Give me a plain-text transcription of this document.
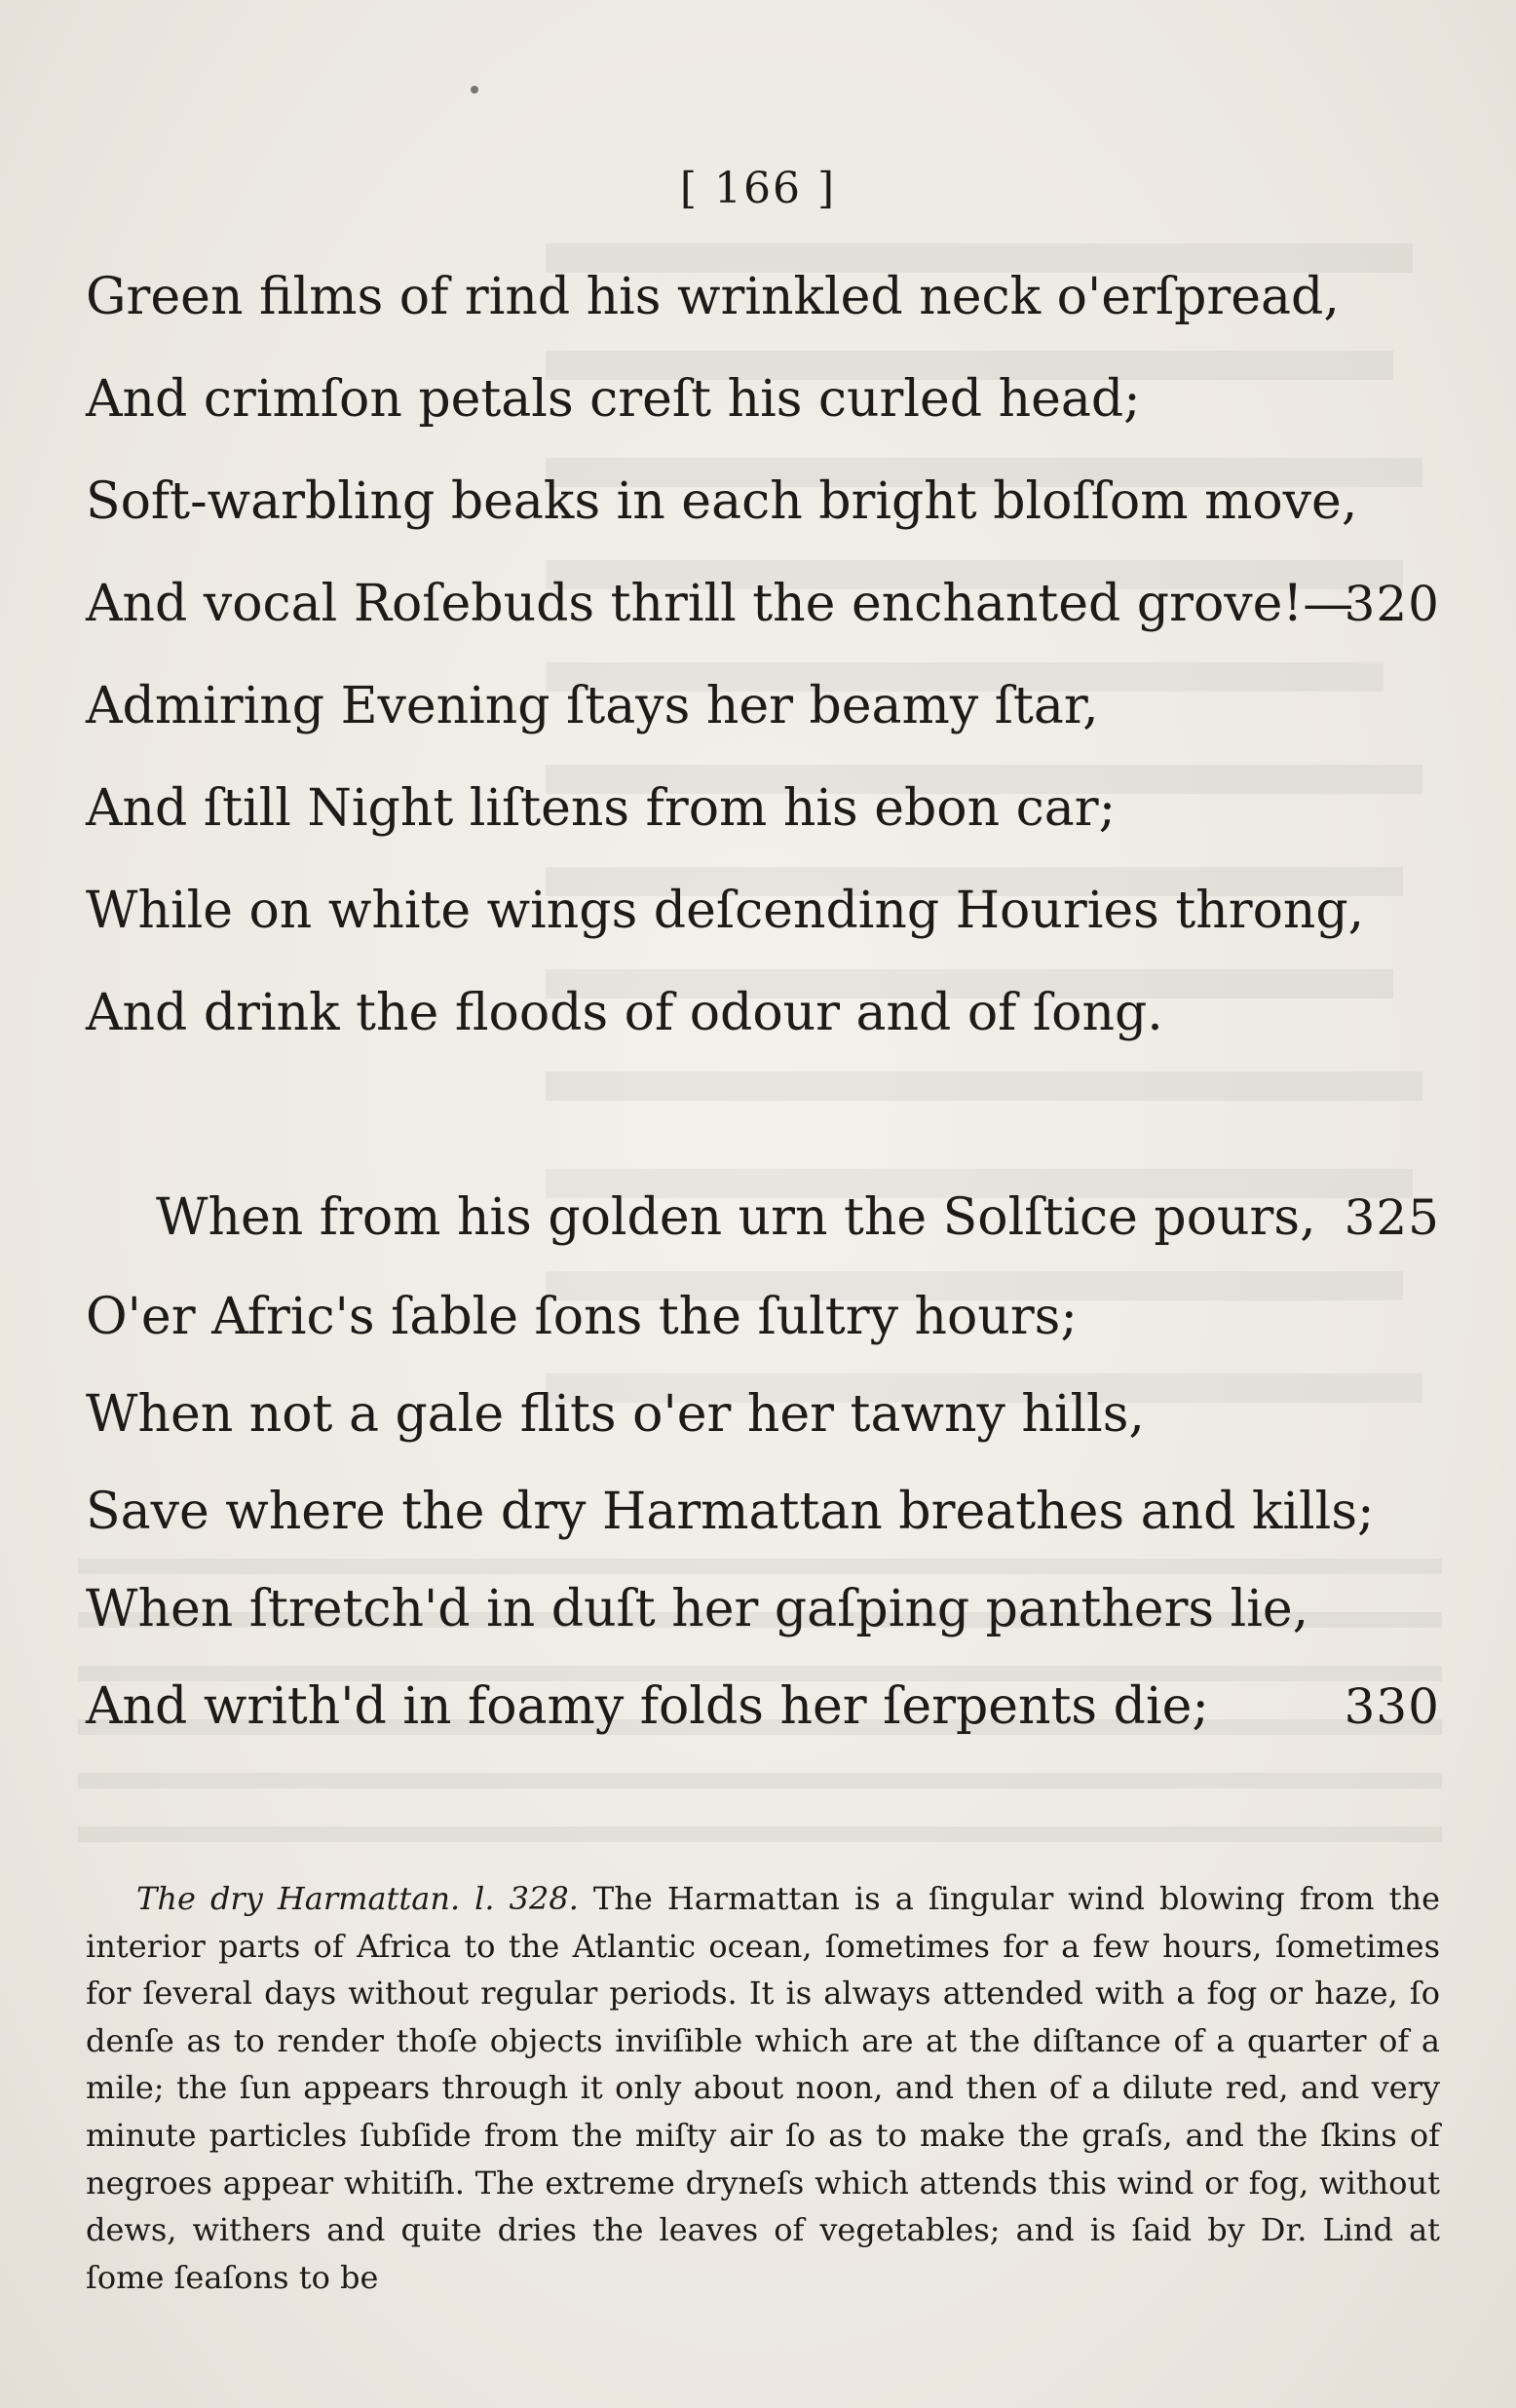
[ 166 ]
Green films of rind his wrinkled neck o'erſpread,
And crimſon petals creſt his curled head;
Soft-warbling beaks in each bright bloſſom move,
And vocal Roſebuds thrill the enchanted grove!—
320
Admiring Evening ſtays her beamy ſtar,
And ſtill Night liſtens from his ebon car;
While on white wings deſcending Houries throng,
And drink the floods of odour and of ſong.
When from his golden urn the Solſtice pours, 325
O'er Afric's ſable ſons the ſultry hours;
When not a gale flits o'er her tawny hills,
Save where the dry Harmattan breathes and kills;
When ſtretch'd in duſt her gaſping panthers lie,
And writh'd in foamy folds her ſerpents die;	330
The dry Harmattan. l. 328. The Harmattan is a ſingular wind blowing from the interior parts of Africa to the Atlantic ocean, ſometimes for a few hours, ſometimes for ſeveral days without regular periods. It is always attended with a fog or haze, ſo denſe as to render thoſe objects inviſible which are at the diſtance of a quarter of a mile; the ſun appears through it only about noon, and then of a dilute red, and very minute particles ſubſide from the miſty air ſo as to make the graſs, and the ſkins of negroes appear whitiſh. The extreme dryneſs which attends this wind or fog, without dews, withers and quite dries the leaves of vegetables; and is ſaid by Dr. Lind at ſome ſeaſons to be
